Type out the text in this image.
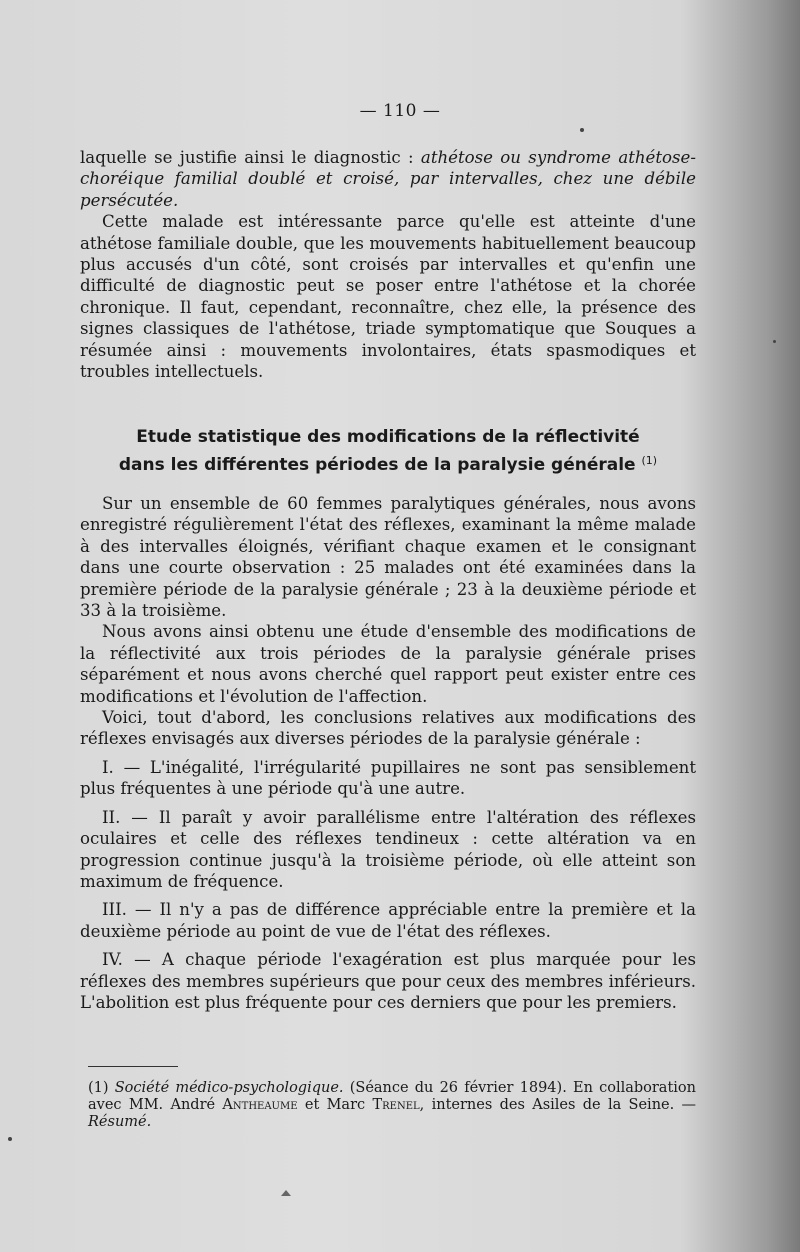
— 110 —

laquelle se justifie ainsi le diagnostic : athétose ou syndrome athétose-choréique familial doublé et croisé, par intervalles, chez une débile persécutée.

Cette malade est intéressante parce qu'elle est atteinte d'une athétose familiale double, que les mouvements habituellement beaucoup plus accusés d'un côté, sont croisés par intervalles et qu'enfin une difficulté de diagnostic peut se poser entre l'athétose et la chorée chronique. Il faut, cependant, reconnaître, chez elle, la présence des signes classiques de l'athétose, triade symptomatique que Souques a résumée ainsi : mouvements involontaires, états spasmodiques et troubles intellectuels.

Etude statistique des modifications de la réflectivité
dans les différentes périodes de la paralysie générale $^{(1)}$

Sur un ensemble de 60 femmes paralytiques générales, nous avons enregistré régulièrement l'état des réflexes, examinant la même malade à des intervalles éloignés, vérifiant chaque examen et le consignant dans une courte observation : 25 malades ont été examinées dans la première période de la paralysie générale ; 23 à la deuxième période et 33 à la troisième.

Nous avons ainsi obtenu une étude d'ensemble des modifications de la réflectivité aux trois périodes de la paralysie générale prises séparément et nous avons cherché quel rapport peut exister entre ces modifications et l'évolution de l'affection.

Voici, tout d'abord, les conclusions relatives aux modifications des réflexes envisagés aux diverses périodes de la paralysie générale :

I. — L'inégalité, l'irrégularité pupillaires ne sont pas sensiblement plus fréquentes à une période qu'à une autre.

II. — Il paraît y avoir parallélisme entre l'altération des réflexes oculaires et celle des réflexes tendineux : cette altération va en progression continue jusqu'à la troisième période, où elle atteint son maximum de fréquence.

III. — Il n'y a pas de différence appréciable entre la première et la deuxième période au point de vue de l'état des réflexes.

IV. — A chaque période l'exagération est plus marquée pour les réflexes des membres supérieurs que pour ceux des membres inférieurs. L'abolition est plus fréquente pour ces derniers que pour les premiers.

(1) Société médico-psychologique. (Séance du 26 février 1894). En collaboration avec MM. André Antheaume et Marc Trenel, internes des Asiles de la Seine. — Résumé.
